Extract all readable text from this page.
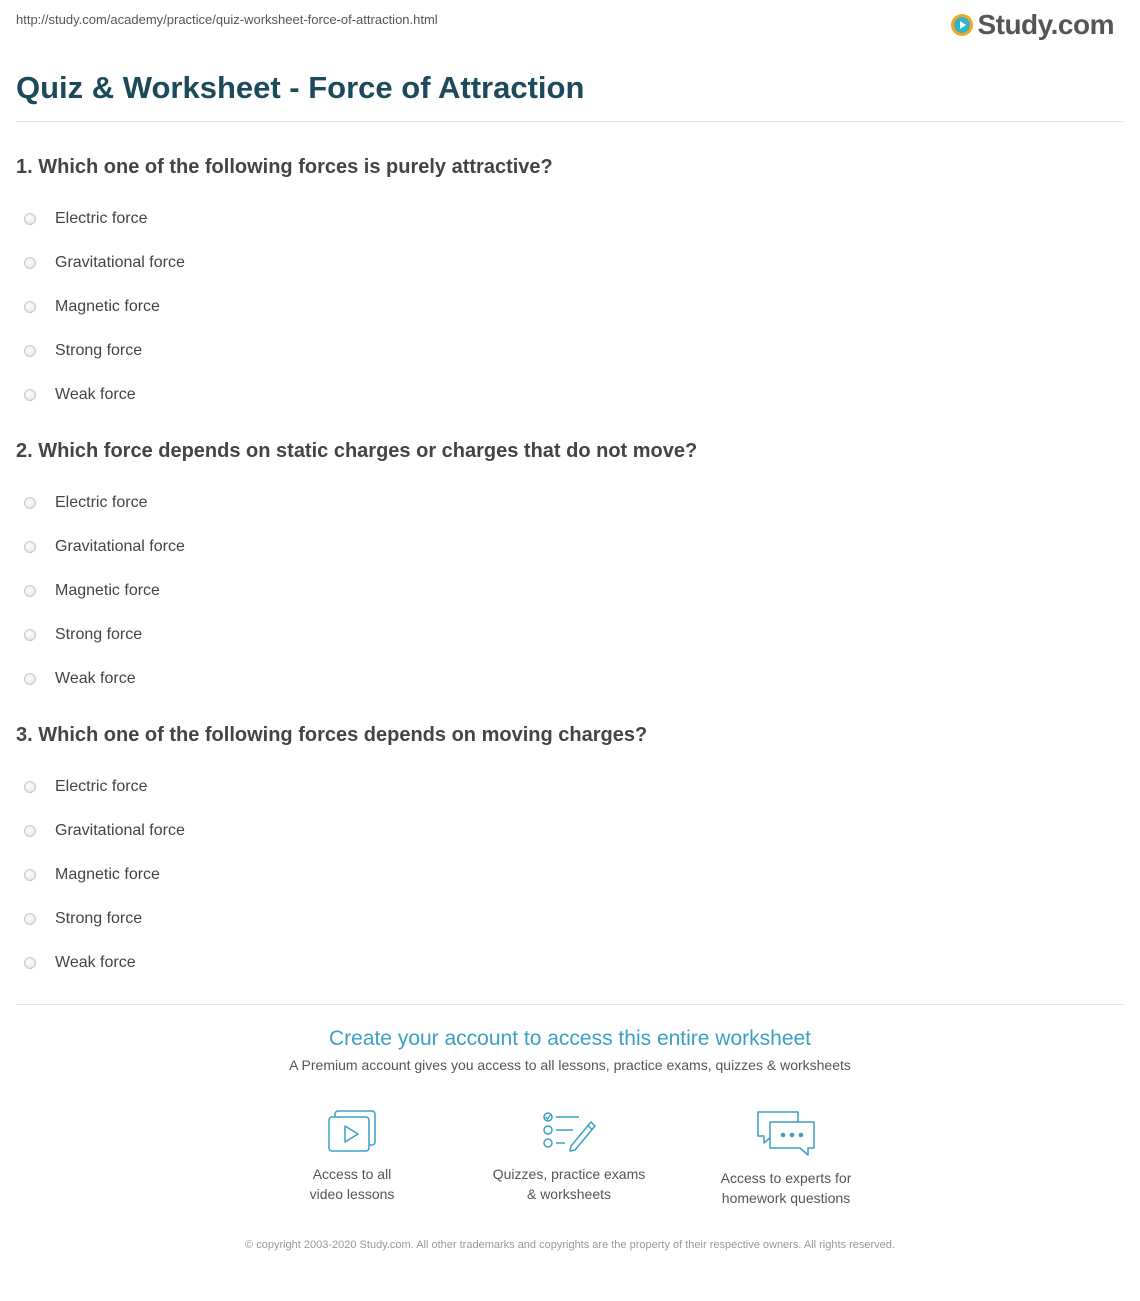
http://study.com/academy/practice/quiz-worksheet-force-of-attraction.html	Study.com
Quiz & Worksheet - Force of Attraction
1. Which one of the following forces is purely attractive?
Electric force
Gravitational force
Magnetic force
Strong force
Weak force
2. Which force depends on static charges or charges that do not move?
Electric force
Gravitational force
Magnetic force
Strong force
Weak force
3. Which one of the following forces depends on moving charges?
Electric force
Gravitational force
Magnetic force
Strong force
Weak force
Create your account to access this entire worksheet
A Premium account gives you access to all lessons, practice exams, quizzes & worksheets
Access to all
video lessons
Quizzes, practice exams
& worksheets
Access to experts for
homework questions
© copyright 2003-2020 Study.com. All other trademarks and copyrights are the property of their respective owners. All rights reserved.
